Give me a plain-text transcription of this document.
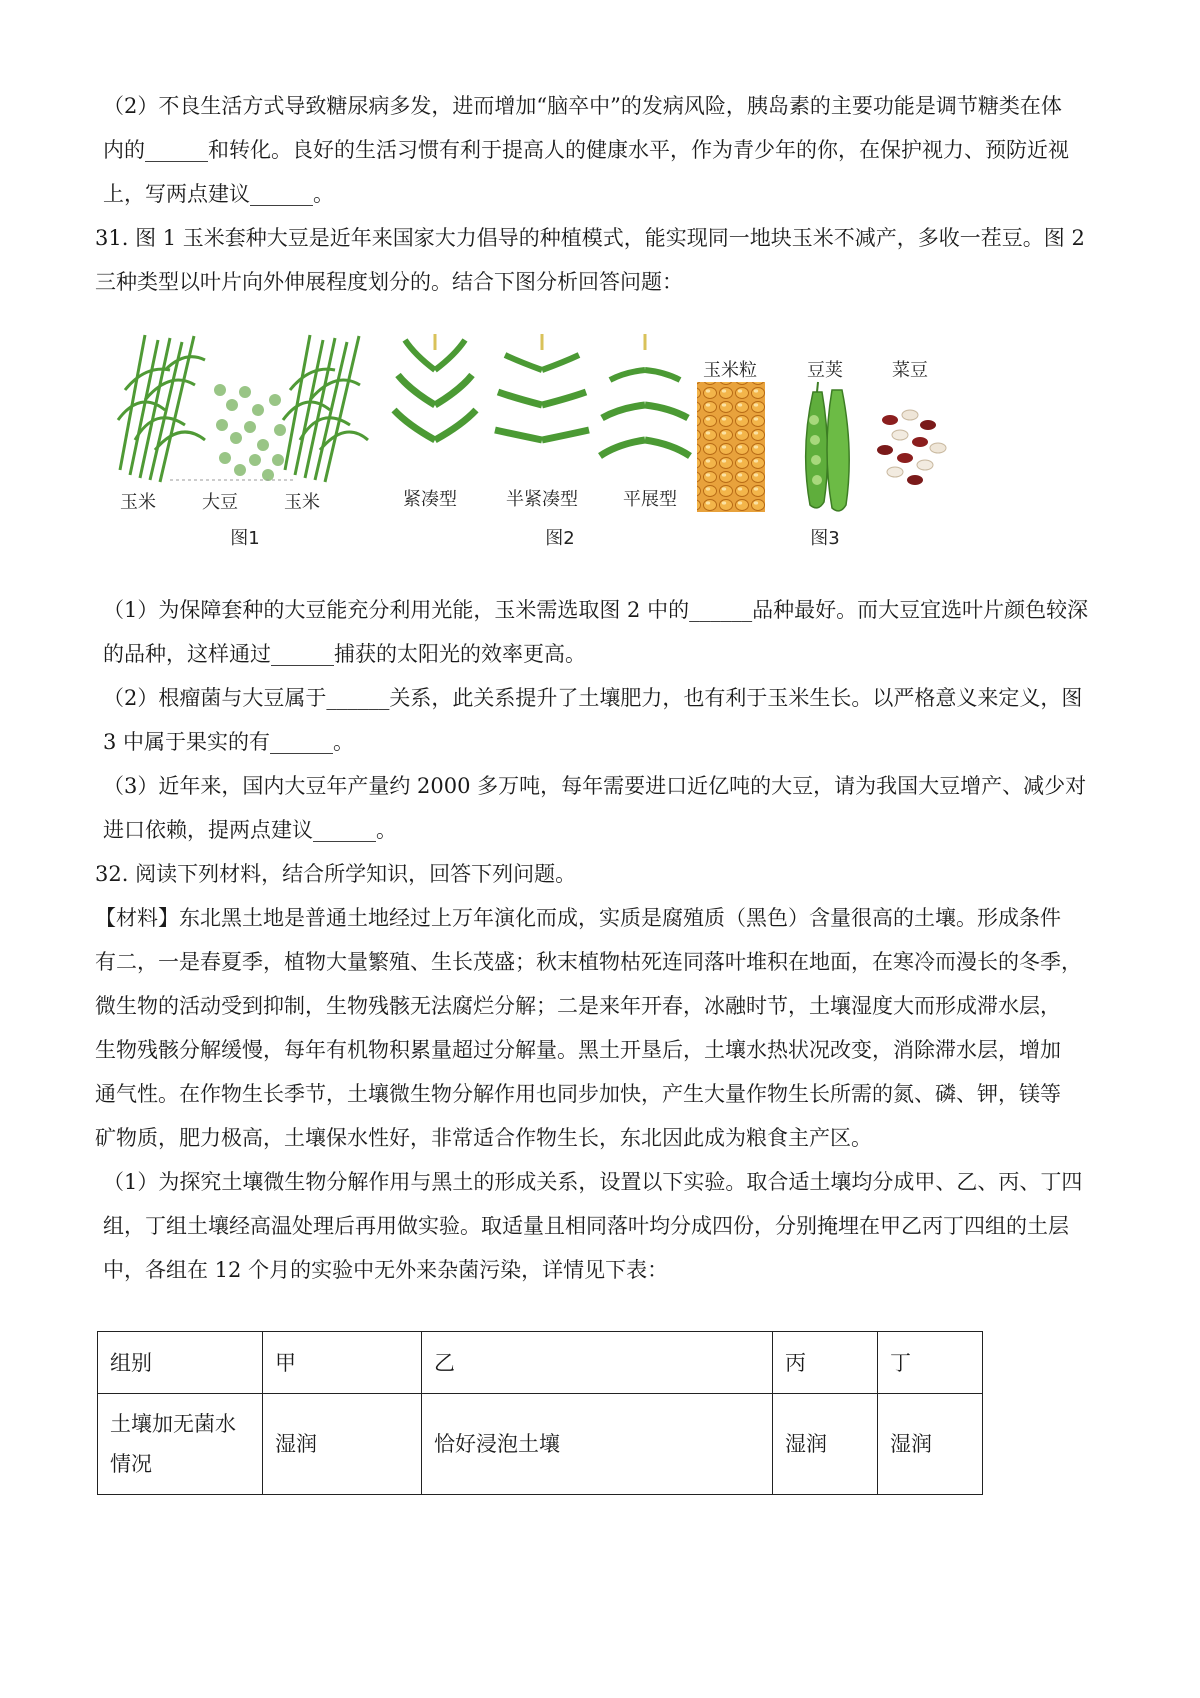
（2）不良生活方式导致糖尿病多发，进而增加“脑卒中”的发病风险，胰岛素的主要功能是调节糖类在体
内的______和转化。良好的生活习惯有利于提高人的健康水平，作为青少年的你，在保护视力、预防近视
上，写两点建议______。

31. 图 1 玉米套种大豆是近年来国家大力倡导的种植模式，能实现同一地块玉米不减产，多收一茬豆。图 2
三种类型以叶片向外伸展程度划分的。结合下图分析回答问题：

玉米	大豆	玉米
图1
紧凑型	半紧凑型	平展型
图2
玉米粒	豆荚	菜豆
图3

（1）为保障套种的大豆能充分利用光能，玉米需选取图 2 中的______品种最好。而大豆宜选叶片颜色较深
的品种，这样通过______捕获的太阳光的效率更高。

（2）根瘤菌与大豆属于______关系，此关系提升了土壤肥力，也有利于玉米生长。以严格意义来定义，图
3 中属于果实的有______。

（3）近年来，国内大豆年产量约 2000 多万吨，每年需要进口近亿吨的大豆，请为我国大豆增产、减少对
进口依赖，提两点建议______。

32. 阅读下列材料，结合所学知识，回答下列问题。

【材料】东北黑土地是普通土地经过上万年演化而成，实质是腐殖质（黑色）含量很高的土壤。形成条件
有二，一是春夏季，植物大量繁殖、生长茂盛；秋末植物枯死连同落叶堆积在地面，在寒冷而漫长的冬季，
微生物的活动受到抑制，生物残骸无法腐烂分解；二是来年开春，冰融时节，土壤湿度大而形成滞水层，
生物残骸分解缓慢，每年有机物积累量超过分解量。黑土开垦后，土壤水热状况改变，消除滞水层，增加
通气性。在作物生长季节，土壤微生物分解作用也同步加快，产生大量作物生长所需的氮、磷、钾，镁等
矿物质，肥力极高，土壤保水性好，非常适合作物生长，东北因此成为粮食主产区。

（1）为探究土壤微生物分解作用与黑土的形成关系，设置以下实验。取合适土壤均分成甲、乙、丙、丁四
组，丁组土壤经高温处理后再用做实验。取适量且相同落叶均分成四份，分别掩埋在甲乙丙丁四组的土层
中，各组在 12 个月的实验中无外来杂菌污染，详情见下表：

组别	甲	乙	丙	丁

土壤加无菌水
情况	湿润	恰好浸泡土壤	湿润	湿润
